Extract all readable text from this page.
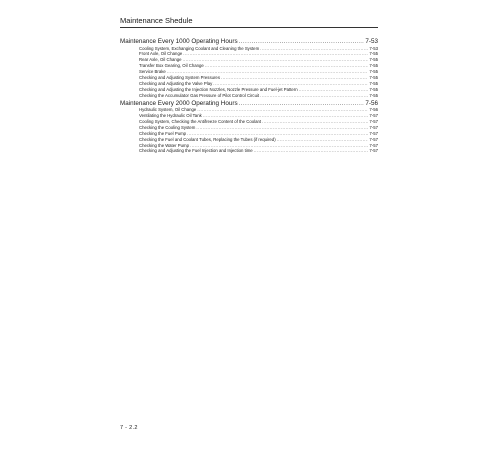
Maintenance Shedule
Maintenance Every 1000 Operating Hours .....	7-53
Cooling System, Exchanging Coolant and Cleaning the System .....	7-53
Front Axle, Oil Change .....	7-55
Rear Axle, Oil Change .....	7-55
Transfer Box Gearing, Oil Change .....	7-55
Service Brake .....	7-55
Checking and Adjusting System Pressures .....	7-55
Checking and Adjusting the Valve Play .....	7-55
Checking and Adjusting the Injection Nozzles, Nozzle Pressure and Fuel-jet Pattern .....	7-55
Checking the Accumulator Gas Pressure of Pilot Control Circuit .....	7-55
Maintenance Every 2000 Operating Hours .....	7-56
Hydraulic System, Oil Change .....	7-56
Ventilating the Hydraulic Oil Tank .....	7-57
Cooling System, Checking the Antifreeze Content of the Coolant .....	7-57
Checking the Cooling System .....	7-57
Checking the Fuel Pump .....	7-57
Checking the Fuel and Coolant Tubes, Replacing the Tubes (if required) .....	7-57
Checking the Water Pump .....	7-57
Checking and Adjusting the Fuel Injection and Injection time .....	7-57
7 - 2.2
